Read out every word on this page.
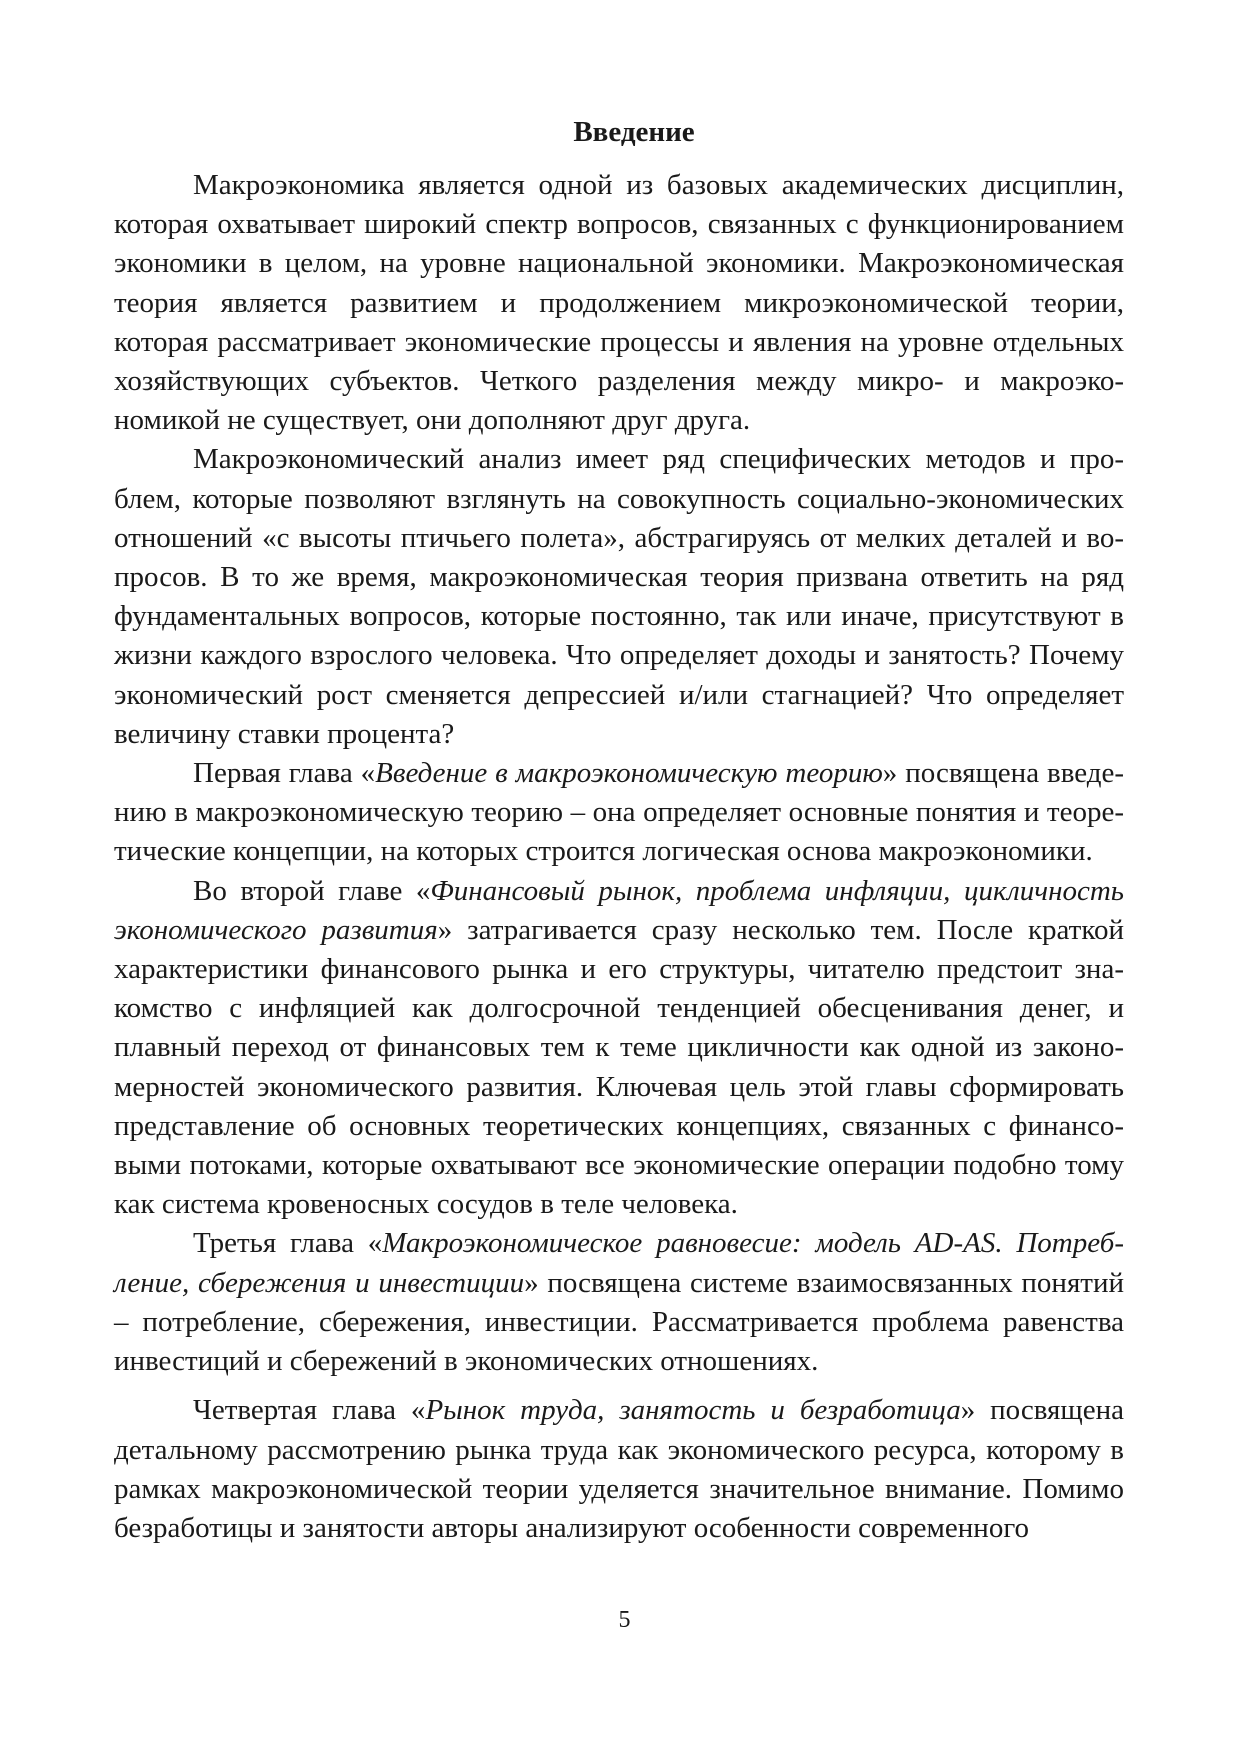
Введение

Макроэкономика является одной из базовых академических дисциплин, которая охватывает широкий спектр вопросов, связанных с функционированием экономики в целом, на уровне национальной экономики. Макроэкономическая теория является развитием и продолжением микроэкономической теории, которая рассматривает экономические процессы и явления на уровне отдельных хозяйствующих субъектов. Четкого разделения между микро- и макроэкономикой не существует, они дополняют друг друга.

Макроэкономический анализ имеет ряд специфических методов и проблем, которые позволяют взглянуть на совокупность социально-экономических отношений «с высоты птичьего полета», абстрагируясь от мелких деталей и вопросов. В то же время, макроэкономическая теория призвана ответить на ряд фундаментальных вопросов, которые постоянно, так или иначе, присутствуют в жизни каждого взрослого человека. Что определяет доходы и занятость? Почему экономический рост сменяется депрессией и/или стагнацией? Что определяет величину ставки процента?

Первая глава «Введение в макроэкономическую теорию» посвящена введению в макроэкономическую теорию – она определяет основные понятия и теоретические концепции, на которых строится логическая основа макроэкономики.

Во второй главе «Финансовый рынок, проблема инфляции, цикличность экономического развития» затрагивается сразу несколько тем. После краткой характеристики финансового рынка и его структуры, читателю предстоит знакомство с инфляцией как долгосрочной тенденцией обесценивания денег, и плавный переход от финансовых тем к теме цикличности как одной из закономерностей экономического развития. Ключевая цель этой главы сформировать представление об основных теоретических концепциях, связанных с финансовыми потоками, которые охватывают все экономические операции подобно тому как система кровеносных сосудов в теле человека.

Третья глава «Макроэкономическое равновесие: модель AD-AS. Потребление, сбережения и инвестиции» посвящена системе взаимосвязанных понятий – потребление, сбережения, инвестиции. Рассматривается проблема равенства инвестиций и сбережений в экономических отношениях.

Четвертая глава «Рынок труда, занятость и безработица» посвящена детальному рассмотрению рынка труда как экономического ресурса, которому в рамках макроэкономической теории уделяется значительное внимание. Помимо безработицы и занятости авторы анализируют особенности современного

5
